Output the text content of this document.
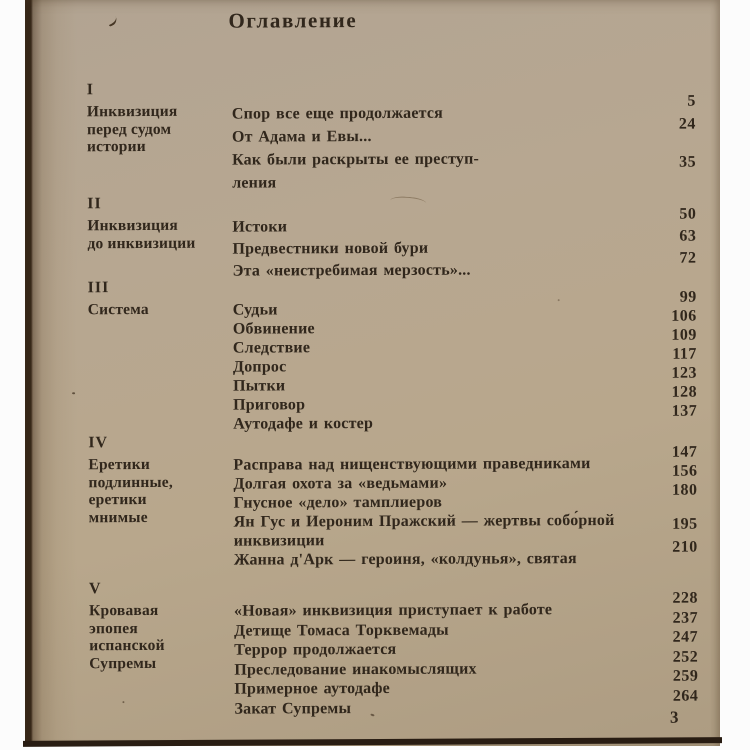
Оглавление
I
Инквизиция
перед судом
истории
Спор все еще продолжается
5
От Адама и Евы...
24
Как были раскрыты ее преступ-
ления
35
II
Инквизиция
до инквизиции
Истоки
50
Предвестники новой бури
63
Эта «неистребимая мерзость»...
72
III
Система	Судьи
99
Обвинение
106
Следствие
109
Допрос
117
Пытки
123
Приговор
128
Аутодафе и костер
137
IV
Еретики
подлинные,
еретики
мнимые
Расправа над нищенствующими праведниками
147
Долгая охота за «ведьмами»
156
Гнусное «дело» тамплиеров
180
Ян Гус и Иероним Пражский — жертвы собо́рной
инквизиции
195
Жанна д'Арк — героиня, «колдунья», святая
210
V
Кровавая
эпопея
испанской
Супремы
«Новая» инквизиция приступает к работе
228
Детище Томаса Торквемады
237
Террор продолжается
247
Преследование инакомыслящих
252
Примерное аутодафе
259
Закат Супремы
264
3
